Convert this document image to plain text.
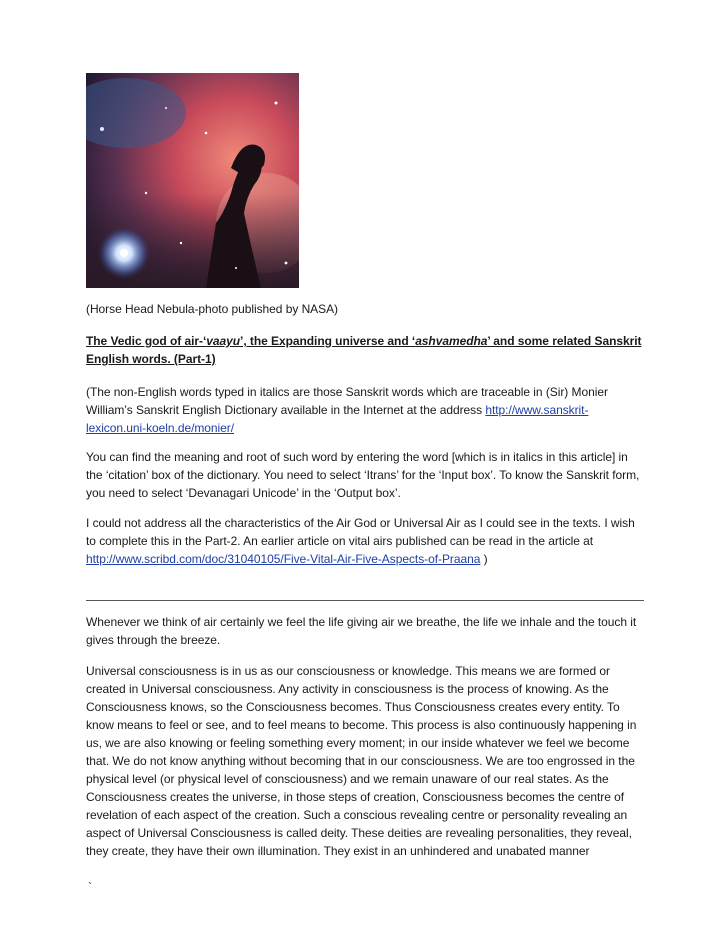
(Horse Head Nebula-photo published by NASA)

The Vedic god of air-‘vaayu’, the Expanding universe and ‘ashvamedha’ and some related Sanskrit English words. (Part-1)
(The non-English words typed in italics are those Sanskrit words which are traceable in (Sir) Monier William’s Sanskrit English Dictionary available in the Internet at the address http://www.sanskrit-lexicon.uni-koeln.de/monier/

You can find the meaning and root of such word by entering the word [which is in italics in this article] in the ‘citation’ box of the dictionary. You need to select ‘Itrans’ for the ‘Input box’. To know the Sanskrit form, you need to select ‘Devanagari Unicode’ in the ‘Output box’.

I could not address all the characteristics of the Air God or Universal Air as I could see in the texts. I wish to complete this in the Part-2. An earlier article on vital airs published can be read in the article at http://www.scribd.com/doc/31040105/Five-Vital-Air-Five-Aspects-of-Praana )

Whenever we think of air certainly we feel the life giving air we breathe, the life we inhale and the touch it gives through the breeze.

Universal consciousness is in us as our consciousness or knowledge. This means we are formed or created in Universal consciousness. Any activity in consciousness is the process of knowing. As the Consciousness knows, so the Consciousness becomes. Thus Consciousness creates every entity. To know means to feel or see, and to feel means to become. This process is also continuously happening in us, we are also knowing or feeling something every moment; in our inside whatever we feel we become that. We do not know anything without becoming that in our consciousness. We are too engrossed in the physical level (or physical level of consciousness) and we remain unaware of our real states. As the Consciousness creates the universe, in those steps of creation, Consciousness becomes the centre of revelation of each aspect of the creation. Such a conscious revealing centre or personality revealing an aspect of Universal Consciousness is called deity. These deities are revealing personalities, they reveal, they create, they have their own illumination. They exist in an unhindered and unabated manner

`
